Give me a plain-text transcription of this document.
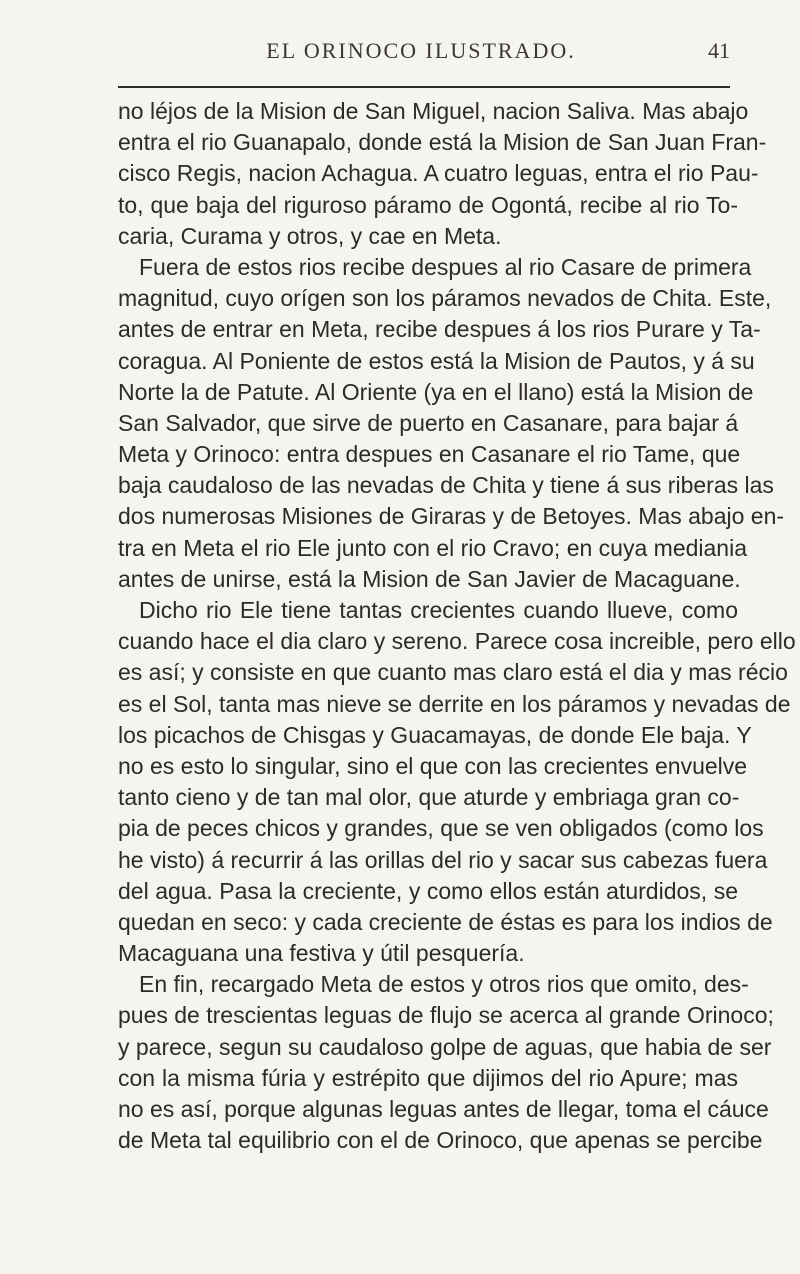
EL ORINOCO ILUSTRADO.	41
no léjos de la Mision de San Miguel, nacion Saliva. Mas abajo
entra el rio Guanapalo, donde está la Mision de San Juan Fran-
cisco Regis, nacion Achagua. A cuatro leguas, entra el rio Pau-
to, que baja del riguroso páramo de Ogontá, recibe al rio To-
caria, Curama y otros, y cae en Meta.
Fuera de estos rios recibe despues al rio Casare de primera
magnitud, cuyo orígen son los páramos nevados de Chita. Este,
antes de entrar en Meta, recibe despues á los rios Purare y Ta-
coragua. Al Poniente de estos está la Mision de Pautos, y á su
Norte la de Patute. Al Oriente (ya en el llano) está la Mision de
San Salvador, que sirve de puerto en Casanare, para bajar á
Meta y Orinoco: entra despues en Casanare el rio Tame, que
baja caudaloso de las nevadas de Chita y tiene á sus riberas las
dos numerosas Misiones de Giraras y de Betoyes. Mas abajo en-
tra en Meta el rio Ele junto con el rio Cravo; en cuya mediania
antes de unirse, está la Mision de San Javier de Macaguane.
Dicho rio Ele tiene tantas crecientes cuando llueve, como
cuando hace el dia claro y sereno. Parece cosa increible, pero ello
es así; y consiste en que cuanto mas claro está el dia y mas récio
es el Sol, tanta mas nieve se derrite en los páramos y nevadas de
los picachos de Chisgas y Guacamayas, de donde Ele baja. Y
no es esto lo singular, sino el que con las crecientes envuelve
tanto cieno y de tan mal olor, que aturde y embriaga gran co-
pia de peces chicos y grandes, que se ven obligados (como los
he visto) á recurrir á las orillas del rio y sacar sus cabezas fuera
del agua. Pasa la creciente, y como ellos están aturdidos, se
quedan en seco: y cada creciente de éstas es para los indios de
Macaguana una festiva y útil pesquería.
En fin, recargado Meta de estos y otros rios que omito, des-
pues de trescientas leguas de flujo se acerca al grande Orinoco;
y parece, segun su caudaloso golpe de aguas, que habia de ser
con la misma fúria y estrépito que dijimos del rio Apure; mas
no es así, porque algunas leguas antes de llegar, toma el cáuce
de Meta tal equilibrio con el de Orinoco, que apenas se percibe
